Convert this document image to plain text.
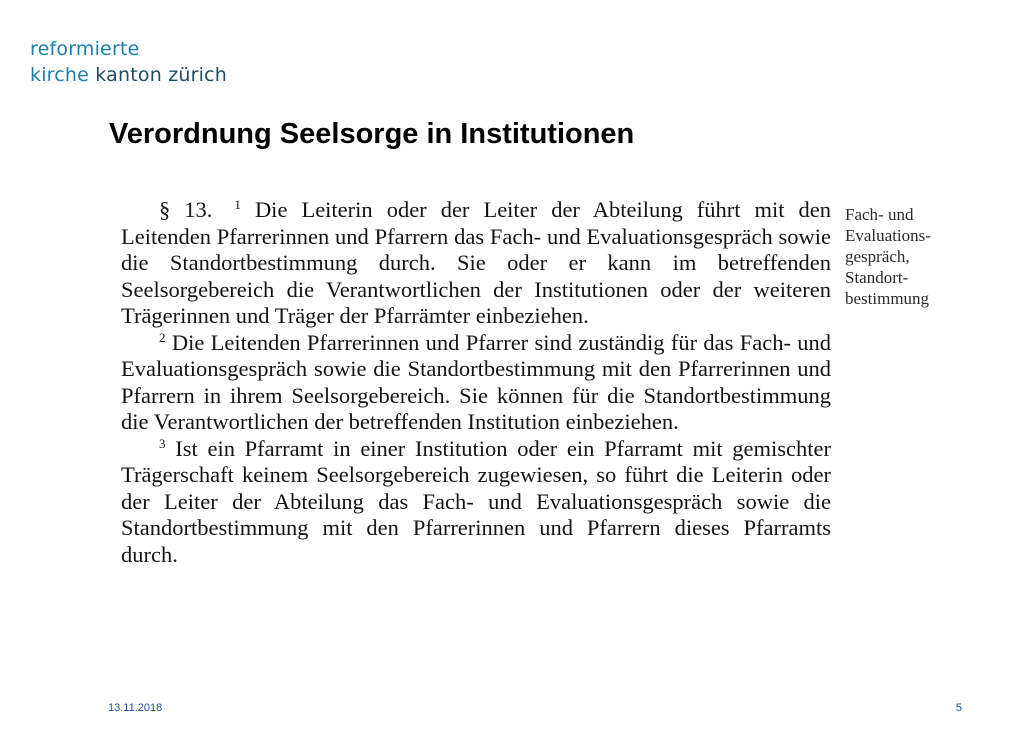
reformierte
kirche kanton zürich
Verordnung Seelsorge in Institutionen

§ 13. $^1$ Die Leiterin oder der Leiter der Abteilung führt mit den Leitenden Pfarrerinnen und Pfarrern das Fach- und Evaluationsgespräch sowie die Standortbestimmung durch. Sie oder er kann im betreffenden Seelsorgebereich die Verantwortlichen der Institutionen oder der weiteren Trägerinnen und Träger der Pfarrämter einbeziehen.

$^2$ Die Leitenden Pfarrerinnen und Pfarrer sind zuständig für das Fach- und Evaluationsgespräch sowie die Standortbestimmung mit den Pfarrerinnen und Pfarrern in ihrem Seelsorgebereich. Sie können für die Standortbestimmung die Verantwortlichen der betreffenden Institution einbeziehen.

$^3$ Ist ein Pfarramt in einer Institution oder ein Pfarramt mit gemischter Trägerschaft keinem Seelsorgebereich zugewiesen, so führt die Leiterin oder der Leiter der Abteilung das Fach- und Evaluationsgespräch sowie die Standortbestimmung mit den Pfarrerinnen und Pfarrern dieses Pfarramts durch.

Fach- und
Evaluations-
gespräch,
Standort-
bestimmung
13.11.2018	5
